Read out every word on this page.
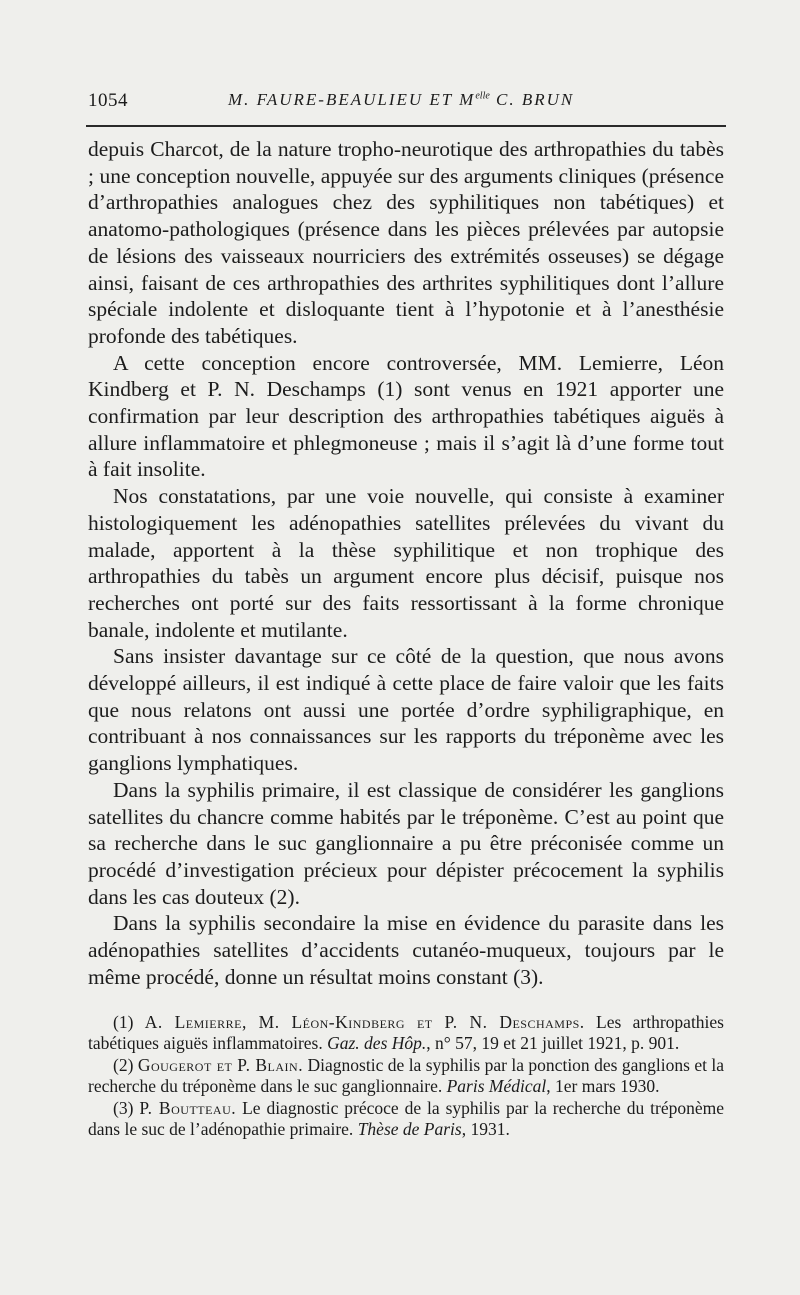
1054	M. FAURE-BEAULIEU ET $M^{elle}$ C. BRUN

depuis Charcot, de la nature tropho-neurotique des arthropathies du tabès ; une conception nouvelle, appuyée sur des arguments cliniques (présence d’arthropathies analogues chez des syphilitiques non tabétiques) et anatomo-pathologiques (présence dans les pièces prélevées par autopsie de lésions des vaisseaux nourriciers des extrémités osseuses) se dégage ainsi, faisant de ces arthropathies des arthrites syphilitiques dont l’allure spéciale indolente et disloquante tient à l’hypotonie et à l’anesthésie profonde des tabétiques.

A cette conception encore controversée, MM. Lemierre, Léon Kindberg et P. N. Deschamps (1) sont venus en 1921 apporter une confirmation par leur description des arthropathies tabétiques aiguës à allure inflammatoire et phlegmoneuse ; mais il s’agit là d’une forme tout à fait insolite.

Nos constatations, par une voie nouvelle, qui consiste à examiner histologiquement les adénopathies satellites prélevées du vivant du malade, apportent à la thèse syphilitique et non trophique des arthropathies du tabès un argument encore plus décisif, puisque nos recherches ont porté sur des faits ressortissant à la forme chronique banale, indolente et mutilante.

Sans insister davantage sur ce côté de la question, que nous avons développé ailleurs, il est indiqué à cette place de faire valoir que les faits que nous relatons ont aussi une portée d’ordre syphiligraphique, en contribuant à nos connaissances sur les rapports du tréponème avec les ganglions lymphatiques.

Dans la syphilis primaire, il est classique de considérer les ganglions satellites du chancre comme habités par le tréponème. C’est au point que sa recherche dans le suc ganglionnaire a pu être préconisée comme un procédé d’investigation précieux pour dépister précocement la syphilis dans les cas douteux (2).

Dans la syphilis secondaire la mise en évidence du parasite dans les adénopathies satellites d’accidents cutanéo-muqueux, toujours par le même procédé, donne un résultat moins constant (3).

(1) A. Lemierre, M. Léon-Kindberg et P. N. Deschamps. Les arthropathies tabétiques aiguës inflammatoires. Gaz. des Hôp., n° 57, 19 et 21 juillet 1921, p. 901.

(2) Gougerot et P. Blain. Diagnostic de la syphilis par la ponction des ganglions et la recherche du tréponème dans le suc ganglionnaire. Paris Médical, 1er mars 1930.

(3) P. Boutteau. Le diagnostic précoce de la syphilis par la recherche du tréponème dans le suc de l’adénopathie primaire. Thèse de Paris, 1931.
